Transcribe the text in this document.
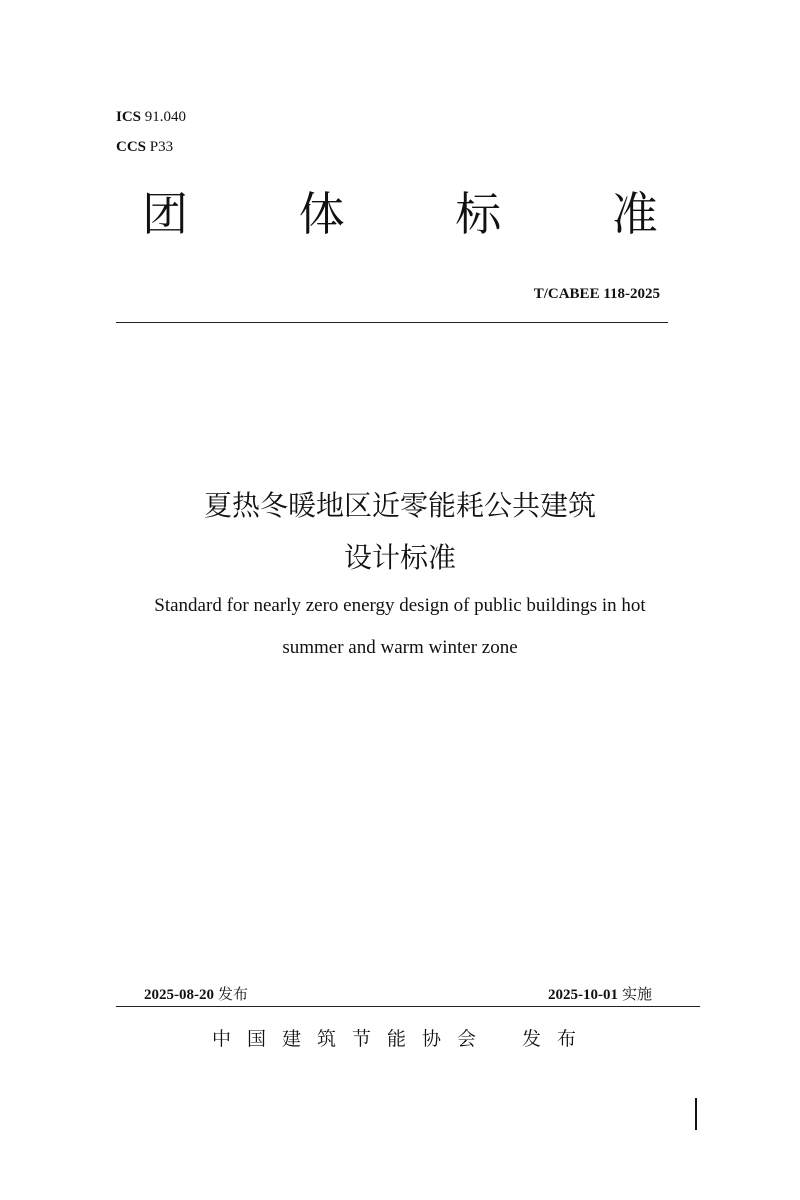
ICS 91.040
CCS P33
团 体 标 准
T/CABEE 118-2025
夏热冬暖地区近零能耗公共建筑
设计标准
Standard for nearly zero energy design of public buildings in hot
summer and warm winter zone
2025-08-20 发布	2025-10-01 实施
中国建筑节能协会 发布
